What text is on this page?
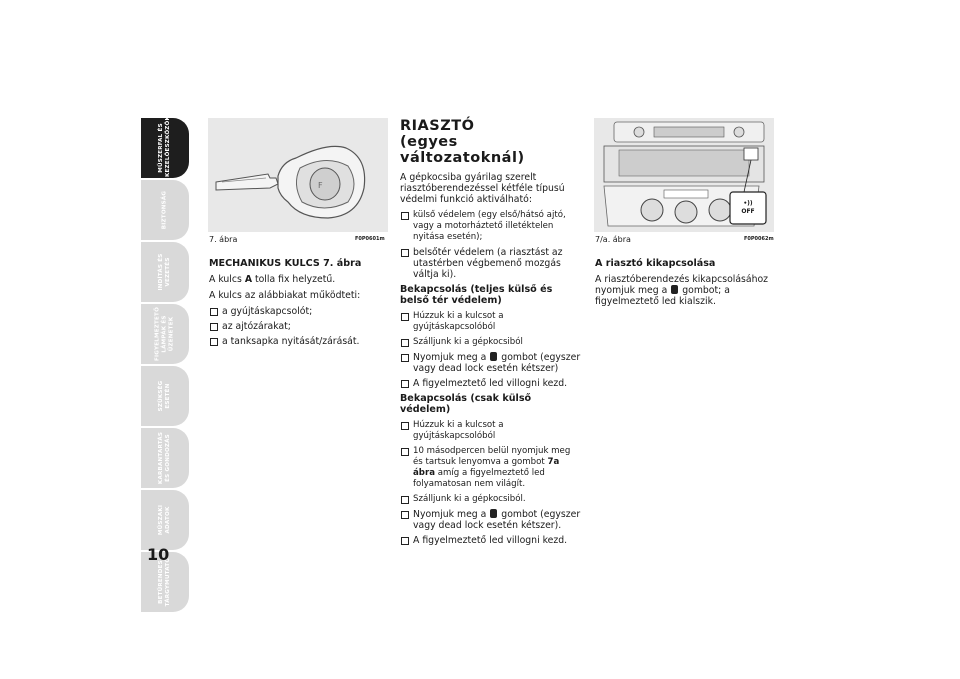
MŰSZERFAL ÉS KEZELŐESZKÖZÖK
BIZTONSÁG
INDÍTÁS ÉS VEZETÉS
FIGYELMEZTETŐ LÁMPÁK ÉS ÜZENETEK
SZÜKSÉG ESETÉN
KARBANTARTÁS ÉS GONDOZÁS
MŰSZAKI ADATOK
BETŰRENDES TÁRGYMUTATÓ
10
F
7. ábra	F0P0601m

MECHANIKUS KULCS 7. ábra

A kulcs A tolla fix helyzetű.

A kulcs az alábbiakat működteti:

a gyújtáskapcsolót;
az ajtózárakat;
a tanksapka nyitását/zárását.
RIASZTÓ
(egyes változatoknál)

A gépkocsiba gyárilag szerelt riasztóberendezéssel kétféle típusú védelmi funkció aktiválható:

külső védelem (egy első/hátsó ajtó, vagy a motorháztető illetéktelen nyitása esetén);
belsőtér védelem (a riasztást az utastérben végbemenő mozgás váltja ki).

Bekapcsolás (teljes külső és belső tér védelem)

Húzzuk ki a kulcsot a gyújtáskapcsolóból
Szálljunk ki a gépkocsiból
Nyomjuk meg a gombot (egyszer vagy dead lock esetén kétszer)
A figyelmeztető led villogni kezd.

Bekapcsolás (csak külső védelem)

Húzzuk ki a kulcsot a gyújtáskapcsolóból
10 másodpercen belül nyomjuk meg és tartsuk lenyomva a gombot 7a ábra amíg a figyelmeztető led folyamatosan nem világít.
Szálljunk ki a gépkocsiból.
Nyomjuk meg a gombot (egyszer vagy dead lock esetén kétszer).
A figyelmeztető led villogni kezd.
•))
OFF
7/a. ábra	F0P0062m

A riasztó kikapcsolása

A riasztóberendezés kikapcsolásához nyomjuk meg a gombot; a figyelmeztető led kialszik.
